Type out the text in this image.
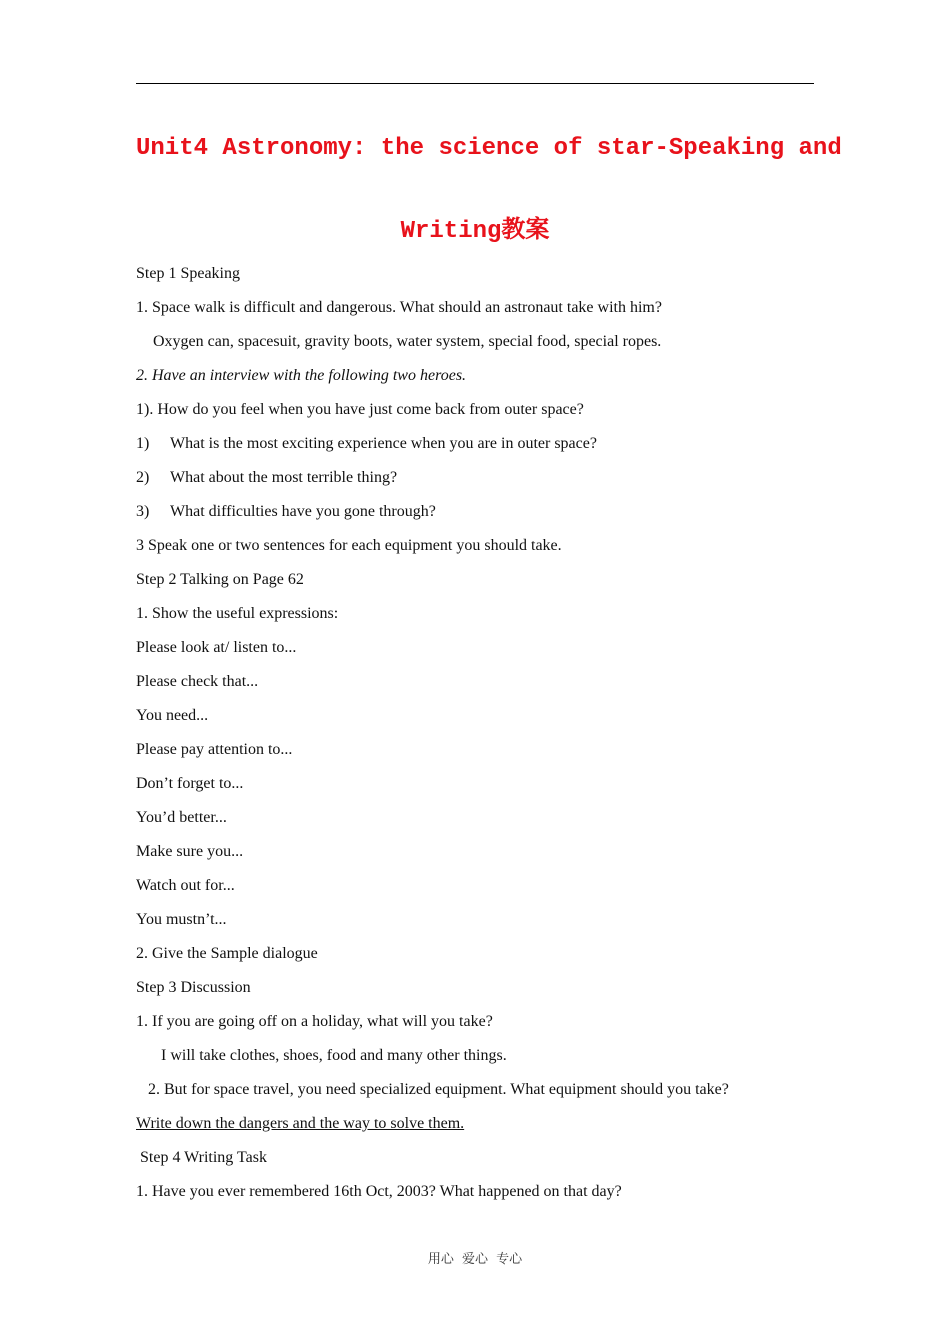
Unit4 Astronomy: the science of star-Speaking and
Writing教案
Step 1 Speaking
1. Space walk is difficult and dangerous. What should an astronaut take with him?
Oxygen can, spacesuit, gravity boots, water system, special food, special ropes.
2. Have an interview with the following two heroes.
1). How do you feel when you have just come back from outer space?
1) What is the most exciting experience when you are in outer space?
2) What about the most terrible thing?
3) What difficulties have you gone through?
3 Speak one or two sentences for each equipment you should take.
Step 2 Talking on Page 62
1. Show the useful expressions:
Please look at/ listen to...
Please check that...
You need...
Please pay attention to...
Don’t forget to...
You’d better...
Make sure you...
Watch out for...
You mustn’t...
2. Give the Sample dialogue
Step 3 Discussion
1. If you are going off on a holiday, what will you take?
I will take clothes, shoes, food and many other things.
2. But for space travel, you need specialized equipment. What equipment should you take?
Write down the dangers and the way to solve them.
Step 4 Writing Task
1. Have you ever remembered 16th Oct, 2003? What happened on that day?
用心 爱心 专心
